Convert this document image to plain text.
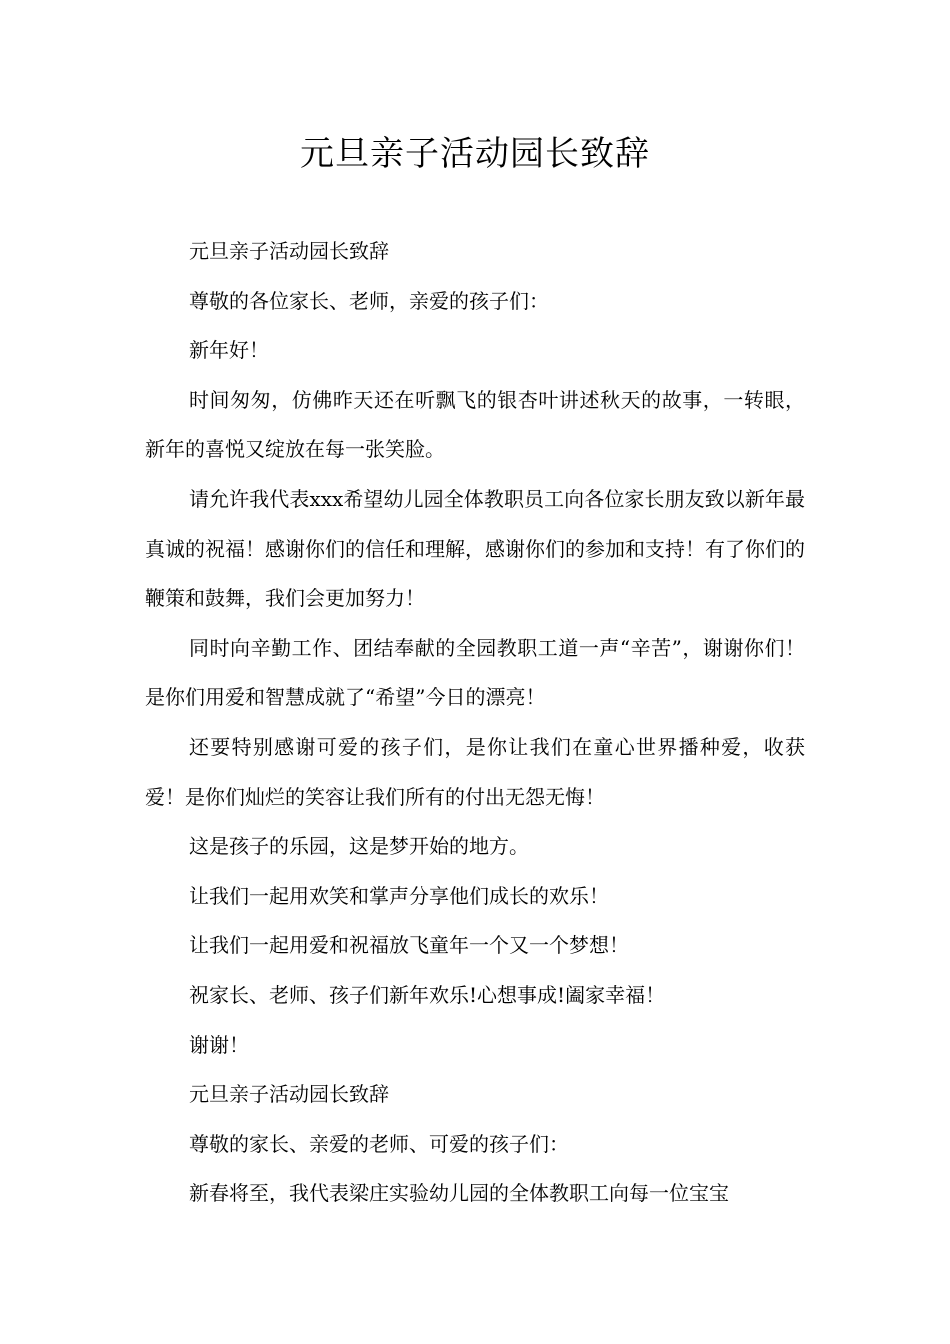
元旦亲子活动园长致辞

元旦亲子活动园长致辞

尊敬的各位家长、老师，亲爱的孩子们：

新年好！

时间匆匆，仿佛昨天还在听飘飞的银杏叶讲述秋天的故事，一转眼，新年的喜悦又绽放在每一张笑脸。

请允许我代表xxx希望幼儿园全体教职员工向各位家长朋友致以新年最真诚的祝福！感谢你们的信任和理解，感谢你们的参加和支持！有了你们的鞭策和鼓舞，我们会更加努力！

同时向辛勤工作、团结奉献的全园教职工道一声“辛苦”，谢谢你们！是你们用爱和智慧成就了“希望”今日的漂亮！

还要特别感谢可爱的孩子们，是你让我们在童心世界播种爱，收获爱！是你们灿烂的笑容让我们所有的付出无怨无悔！

这是孩子的乐园，这是梦开始的地方。

让我们一起用欢笑和掌声分享他们成长的欢乐！

让我们一起用爱和祝福放飞童年一个又一个梦想！

祝家长、老师、孩子们新年欢乐!心想事成!阖家幸福！

谢谢！

元旦亲子活动园长致辞

尊敬的家长、亲爱的老师、可爱的孩子们：

新春将至，我代表梁庄实验幼儿园的全体教职工向每一位宝宝
